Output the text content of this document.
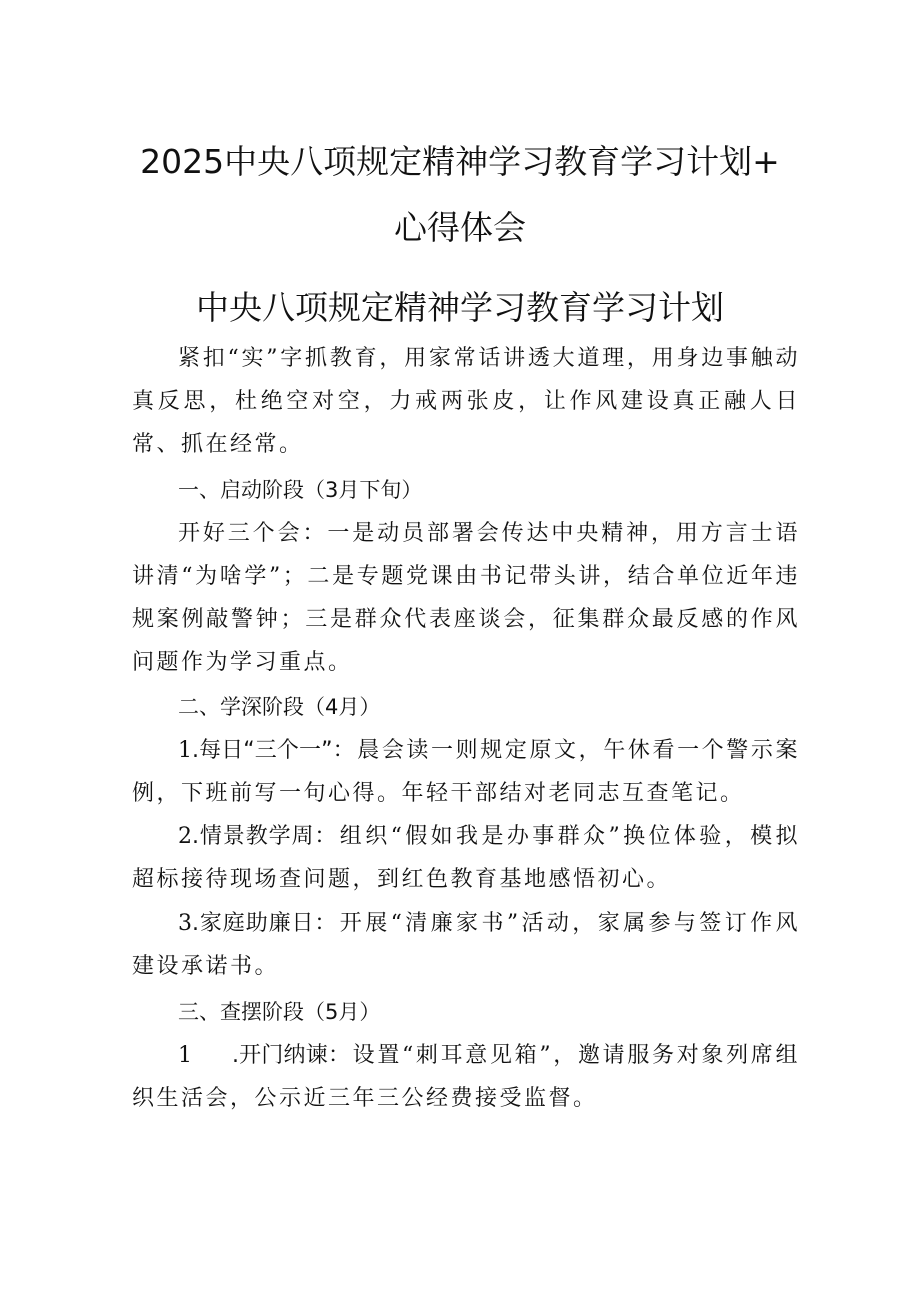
2025中央八项规定精神学习教育学习计划+
心得体会
中央八项规定精神学习教育学习计划

紧扣“实”字抓教育，用家常话讲透大道理，用身边事触动真反思，杜绝空对空，力戒两张皮，让作风建设真正融人日常、抓在经常。

一、启动阶段（3月下旬）

开好三个会：一是动员部署会传达中央精神，用方言士语讲清“为啥学”；二是专题党课由书记带头讲，结合单位近年违规案例敲警钟；三是群众代表座谈会，征集群众最反感的作风问题作为学习重点。

二、学深阶段（4月）

1.每日“三个一”：晨会读一则规定原文，午休看一个警示案例，下班前写一句心得。年轻干部结对老同志互查笔记。

2.情景教学周：组织“假如我是办事群众”换位体验，模拟超标接待现场查问题，到红色教育基地感悟初心。

3.家庭助廉日：开展“清廉家书”活动，家属参与签订作风建设承诺书。

三、查摆阶段（5月）

1 .开门纳谏：设置“刺耳意见箱”，邀请服务对象列席组织生活会，公示近三年三公经费接受监督。
